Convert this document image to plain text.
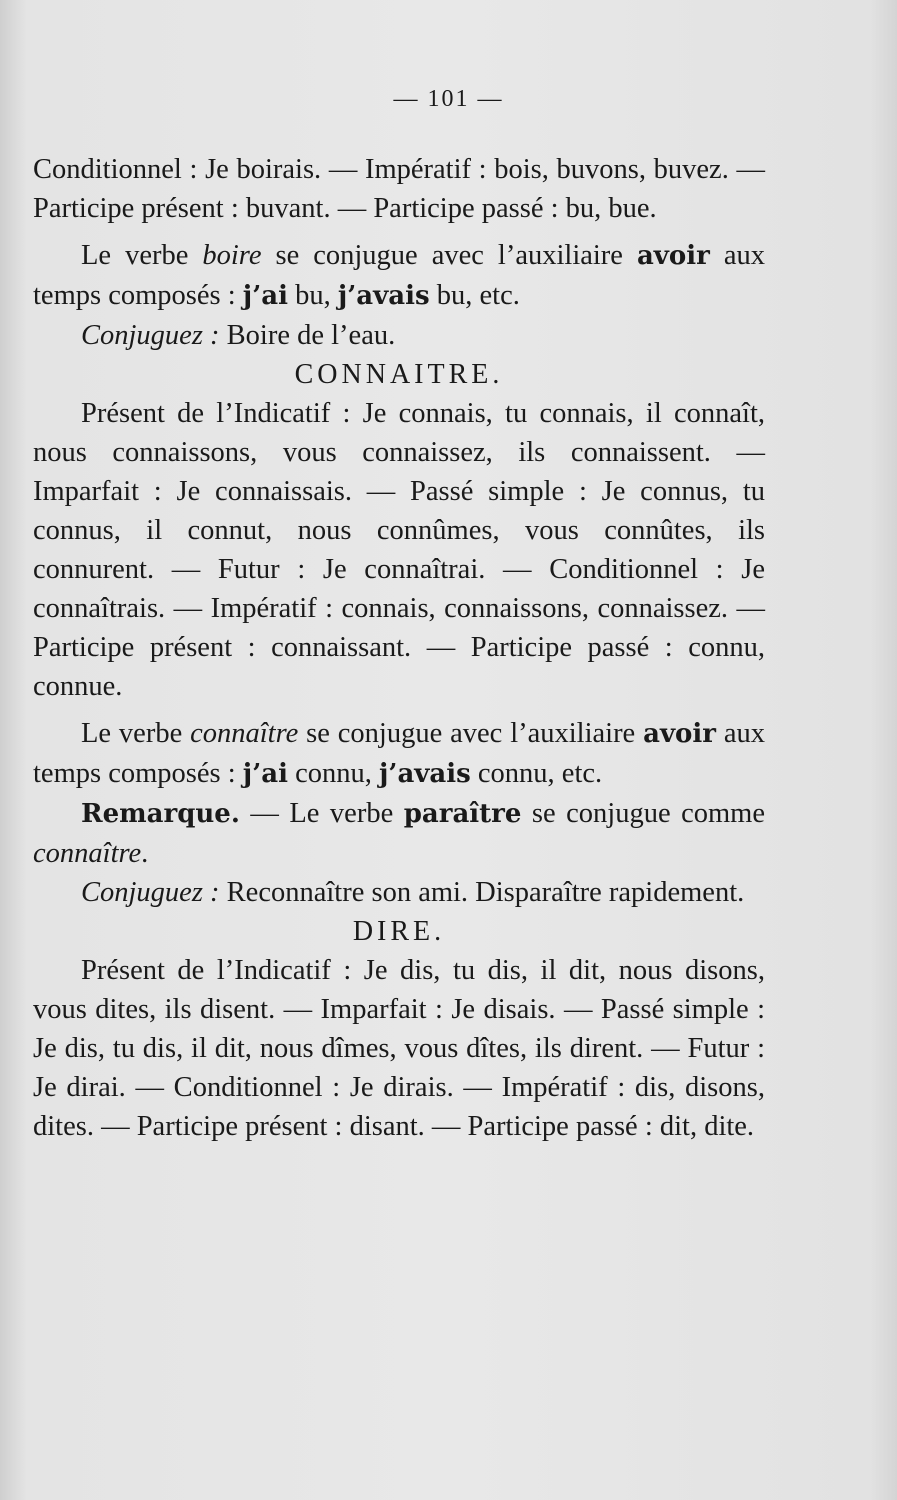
— 101 —

Conditionnel : Je boirais. — Impératif : bois, buvons, buvez. — Participe présent : buvant. — Participe passé : bu, bue.

Le verbe boire se conjugue avec l’auxiliaire avoir aux temps composés : j’ai bu, j’avais bu, etc.

Conjuguez : Boire de l’eau.

CONNAITRE.

Présent de l’Indicatif : Je connais, tu connais, il connaît, nous connaissons, vous connaissez, ils connaissent. — Imparfait : Je connaissais. — Passé simple : Je connus, tu connus, il connut, nous connûmes, vous connûtes, ils connurent. — Futur : Je connaîtrai. — Conditionnel : Je connaîtrais. — Impératif : connais, connaissons, connaissez. — Participe présent : connaissant. — Participe passé : connu, connue.

Le verbe connaître se conjugue avec l’auxiliaire avoir aux temps composés : j’ai connu, j’avais connu, etc.

Remarque. — Le verbe paraître se conjugue comme connaître.

Conjuguez : Reconnaître son ami. Disparaître rapidement.

DIRE.

Présent de l’Indicatif : Je dis, tu dis, il dit, nous disons, vous dites, ils disent. — Imparfait : Je disais. — Passé simple : Je dis, tu dis, il dit, nous dîmes, vous dîtes, ils dirent. — Futur : Je dirai. — Conditionnel : Je dirais. — Impératif : dis, disons, dites. — Participe présent : disant. — Participe passé : dit, dite.
